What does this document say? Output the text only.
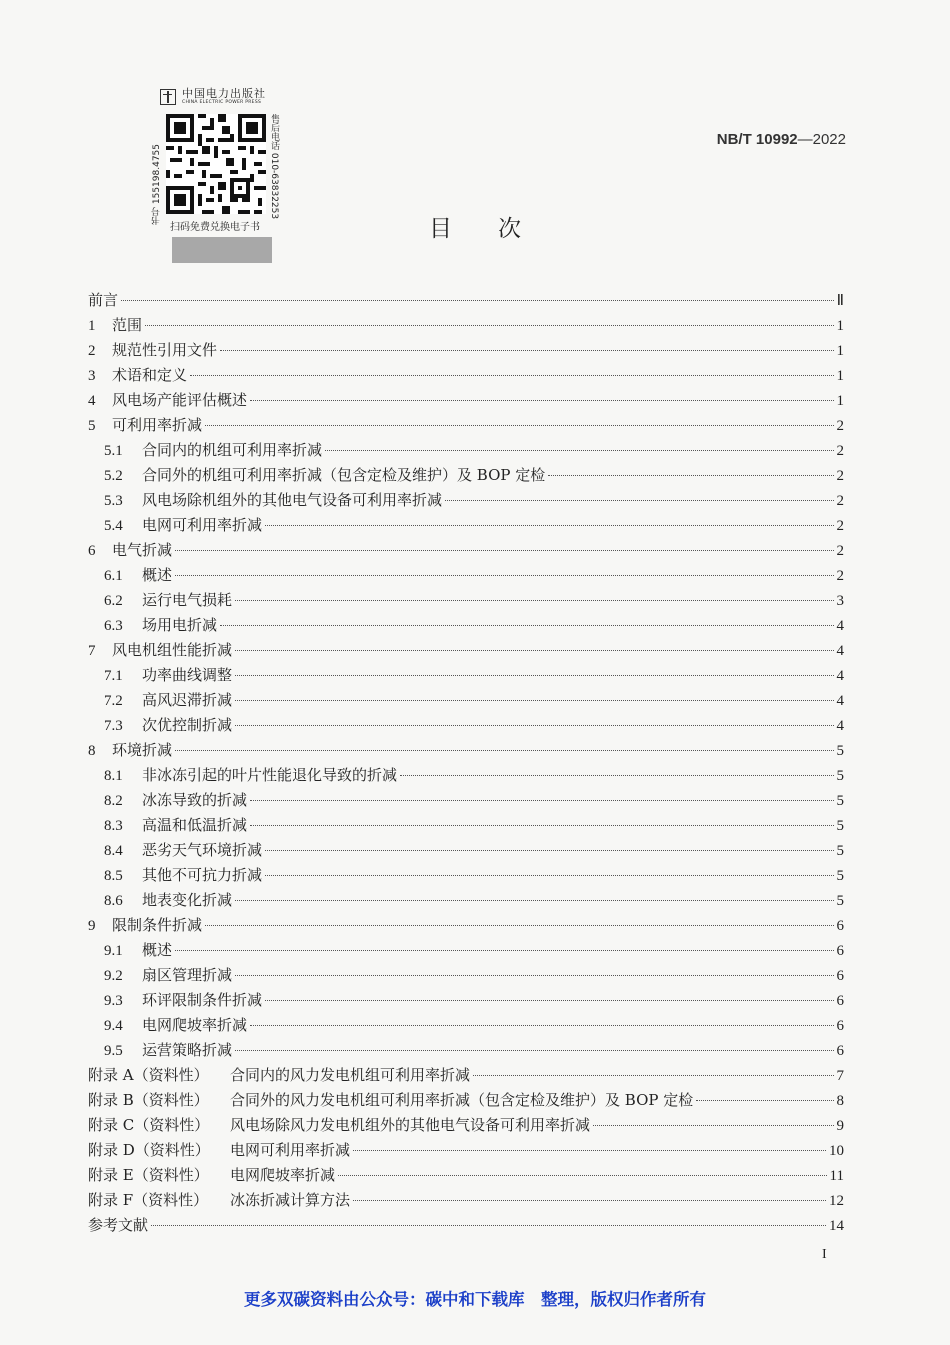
中国电力出版社
CHINA ELECTRIC POWER PRESS
书号 155198.4755	售后电话 010-63832253
扫码免费兑换电子书
NB/T 10992—2022
目次
前言	Ⅱ
1	范围	1
2	规范性引用文件	1
3	术语和定义	1
4	风电场产能评估概述	1
5	可利用率折减	2
5.1	合同内的机组可利用率折减	2
5.2	合同外的机组可利用率折减（包含定检及维护）及 BOP 定检	2
5.3	风电场除机组外的其他电气设备可利用率折减	2
5.4	电网可利用率折减	2
6	电气折减	2
6.1	概述	2
6.2	运行电气损耗	3
6.3	场用电折减	4
7	风电机组性能折减	4
7.1	功率曲线调整	4
7.2	高风迟滞折减	4
7.3	次优控制折减	4
8	环境折减	5
8.1	非冰冻引起的叶片性能退化导致的折减	5
8.2	冰冻导致的折减	5
8.3	高温和低温折减	5
8.4	恶劣天气环境折减	5
8.5	其他不可抗力折减	5
8.6	地表变化折减	5
9	限制条件折减	6
9.1	概述	6
9.2	扇区管理折减	6
9.3	环评限制条件折减	6
9.4	电网爬坡率折减	6
9.5	运营策略折减	6
附录 A（资料性）	合同内的风力发电机组可利用率折减	7
附录 B（资料性）	合同外的风力发电机组可利用率折减（包含定检及维护）及 BOP 定检	8
附录 C（资料性）	风电场除风力发电机组外的其他电气设备可利用率折减	9
附录 D（资料性）	电网可利用率折减	10
附录 E（资料性）	电网爬坡率折减	11
附录 F（资料性）	冰冻折减计算方法	12
参考文献	14
I
更多双碳资料由公众号：碳中和下载库　整理，版权归作者所有
